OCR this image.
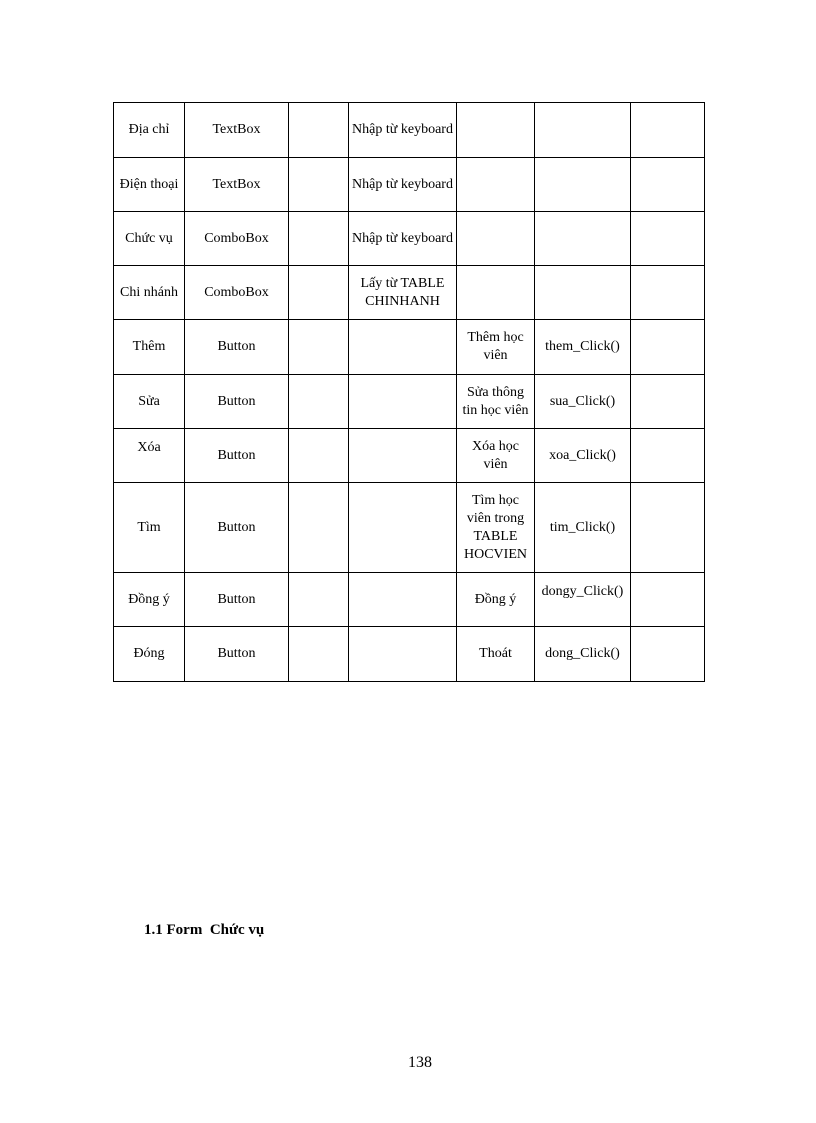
Địa chỉ	TextBox		Nhập từ keyboard			
Điện thoại	TextBox		Nhập từ keyboard			
Chức vụ	ComboBox		Nhập từ keyboard			
Chi nhánh	ComboBox		Lấy từ TABLE CHINHANH			
Thêm	Button			Thêm học viên	them_Click()	
Sửa	Button			Sửa thông tin học viên	sua_Click()	
Xóa	Button			Xóa học viên	xoa_Click()	
Tìm	Button			Tìm học viên trong TABLE HOCVIEN	tim_Click()	
Đồng ý	Button			Đồng ý	dongy_Click()	
Đóng	Button			Thoát	dong_Click()	
1.1 Form  Chức vụ
138
